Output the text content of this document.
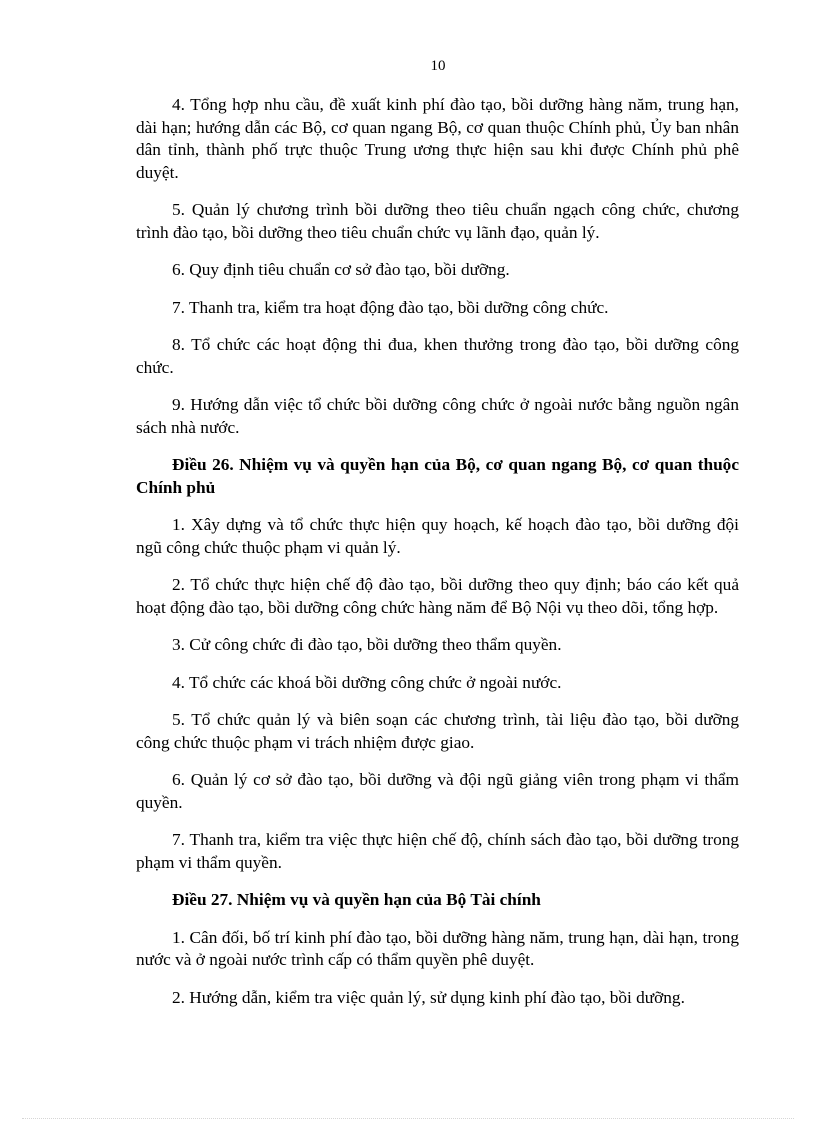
10

4. Tổng hợp nhu cầu, đề xuất kinh phí đào tạo, bồi dưỡng hàng năm, trung hạn, dài hạn; hướng dẫn các Bộ, cơ quan ngang Bộ, cơ quan thuộc Chính phủ, Ủy ban nhân dân tỉnh, thành phố trực thuộc Trung ương thực hiện sau khi được Chính phủ phê duyệt.

5. Quản lý chương trình bồi dưỡng theo tiêu chuẩn ngạch công chức, chương trình đào tạo, bồi dưỡng theo tiêu chuẩn chức vụ lãnh đạo, quản lý.

6. Quy định tiêu chuẩn cơ sở đào tạo, bồi dưỡng.

7. Thanh tra, kiểm tra hoạt động đào tạo, bồi dưỡng công chức.

8. Tổ chức các hoạt động thi đua, khen thưởng trong đào tạo, bồi dưỡng công chức.

9. Hướng dẫn việc tổ chức bồi dưỡng công chức ở ngoài nước bằng nguồn ngân sách nhà nước.

Điều 26. Nhiệm vụ và quyền hạn của Bộ, cơ quan ngang Bộ, cơ quan thuộc Chính phủ

1. Xây dựng và tổ chức thực hiện quy hoạch, kế hoạch đào tạo, bồi dưỡng đội ngũ công chức thuộc phạm vi quản lý.

2. Tổ chức thực hiện chế độ đào tạo, bồi dưỡng theo quy định; báo cáo kết quả hoạt động đào tạo, bồi dưỡng công chức hàng năm để Bộ Nội vụ theo dõi, tổng hợp.

3. Cử công chức đi đào tạo, bồi dưỡng theo thẩm quyền.

4. Tổ chức các khoá bồi dưỡng công chức ở ngoài nước.

5. Tổ chức quản lý và biên soạn các chương trình, tài liệu đào tạo, bồi dưỡng công chức thuộc phạm vi trách nhiệm được giao.

6. Quản lý cơ sở đào tạo, bồi dưỡng và đội ngũ giảng viên trong phạm vi thẩm quyền.

7. Thanh tra, kiểm tra việc thực hiện chế độ, chính sách đào tạo, bồi dưỡng trong phạm vi thẩm quyền.

Điều 27. Nhiệm vụ và quyền hạn của Bộ Tài chính

1. Cân đối, bố trí kinh phí đào tạo, bồi dưỡng hàng năm, trung hạn, dài hạn, trong nước và ở ngoài nước trình cấp có thẩm quyền phê duyệt.

2. Hướng dẫn, kiểm tra việc quản lý, sử dụng kinh phí đào tạo, bồi dưỡng.
